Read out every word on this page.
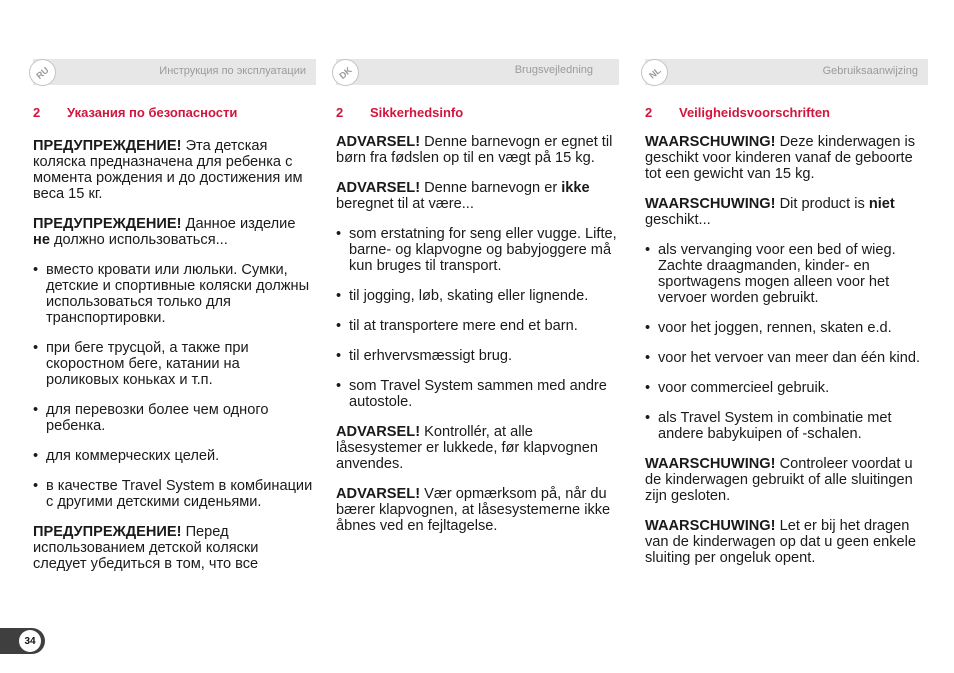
RU	Инструкция по эксплуатации
2	Указания по безопасности

ПРЕДУПРЕЖДЕНИЕ! Эта детская коляска предназначена для ребенка с момента рождения и до достижения им веса 15 кг.

ПРЕДУПРЕЖДЕНИЕ! Данное изделие не должно использоваться...

• вместо кровати или люльки. Сумки, детские и спортивные коляски должны использоваться только для транспортировки.
• при беге трусцой, а также при скоростном беге, катании на роликовых коньках и т.п.
• для перевозки более чем одного ребенка.
• для коммерческих целей.
• в качестве Travel System в комбинации с другими детскими сиденьями.

ПРЕДУПРЕЖДЕНИЕ! Перед использованием детской коляски следует убедиться в том, что все

DK	Brugsvejledning
2	Sikkerhedsinfo

ADVARSEL! Denne barnevogn er egnet til børn fra fødslen op til en vægt på 15 kg.

ADVARSEL! Denne barnevogn er ikke beregnet til at være...

• som erstatning for seng eller vugge. Lifte, barne- og klapvogne og babyjoggere må kun bruges til transport.
• til jogging, løb, skating eller lignende.
• til at transportere mere end et barn.
• til erhvervsmæssigt brug.
• som Travel System sammen med andre autostole.

ADVARSEL! Kontrollér, at alle låsesystemer er lukkede, før klapvognen anvendes.

ADVARSEL! Vær opmærksom på, når du bærer klapvognen, at låsesystemerne ikke åbnes ved en fejltagelse.

NL	Gebruiksaanwijzing
2	Veiligheidsvoorschriften

WAARSCHUWING! Deze kinderwagen is geschikt voor kinderen vanaf de geboorte tot een gewicht van 15 kg.

WAARSCHUWING! Dit product is niet geschikt...

• als vervanging voor een bed of wieg. Zachte draagmanden, kinder- en sportwagens mogen alleen voor het vervoer worden gebruikt.
• voor het joggen, rennen, skaten e.d.
• voor het vervoer van meer dan één kind.
• voor commercieel gebruik.
• als Travel System in combinatie met andere babykuipen of -schalen.

WAARSCHUWING! Controleer voordat u de kinderwagen gebruikt of alle sluitingen zijn gesloten.

WAARSCHUWING! Let er bij het dragen van de kinderwagen op dat u geen enkele sluiting per ongeluk opent.

34
